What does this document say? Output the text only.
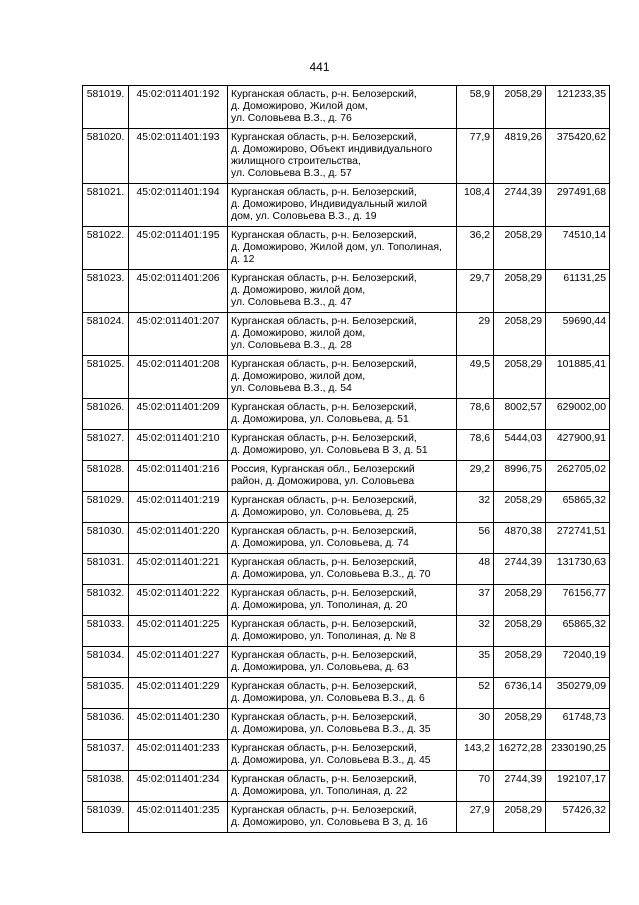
441
581019.	45:02:011401:192	Курганская область, р-н. Белозерский,
д. Доможирово, Жилой дом,
ул. Соловьева В.З., д. 76	58,9	2058,29	121233,35
581020.	45:02:011401:193	Курганская область, р-н. Белозерский,
д. Доможирово, Объект индивидуального
жилищного строительства,
ул. Соловьева В.З., д. 57	77,9	4819,26	375420,62
581021.	45:02:011401:194	Курганская область, р-н. Белозерский,
д. Доможирово, Индивидуальный жилой
дом, ул. Соловьева В.З., д. 19	108,4	2744,39	297491,68
581022.	45:02:011401:195	Курганская область, р-н. Белозерский,
д. Доможирово, Жилой дом, ул. Тополиная,
д. 12	36,2	2058,29	74510,14
581023.	45:02:011401:206	Курганская область, р-н. Белозерский,
д. Доможирово, жилой дом,
ул. Соловьева В.З., д. 47	29,7	2058,29	61131,25
581024.	45:02:011401:207	Курганская область, р-н. Белозерский,
д. Доможирово, жилой дом,
ул. Соловьева В.З., д. 28	29	2058,29	59690,44
581025.	45:02:011401:208	Курганская область, р-н. Белозерский,
д. Доможирово, жилой дом,
ул. Соловьева В.З., д. 54	49,5	2058,29	101885,41
581026.	45:02:011401:209	Курганская область, р-н. Белозерский,
д. Доможирова, ул. Соловьева, д. 51	78,6	8002,57	629002,00
581027.	45:02:011401:210	Курганская область, р-н. Белозерский,
д. Доможирово, ул. Соловьева В З, д. 51	78,6	5444,03	427900,91
581028.	45:02:011401:216	Россия, Курганская обл., Белозерский
район, д. Доможирова, ул. Соловьева	29,2	8996,75	262705,02
581029.	45:02:011401:219	Курганская область, р-н. Белозерский,
д. Доможирово, ул. Соловьева, д. 25	32	2058,29	65865,32
581030.	45:02:011401:220	Курганская область, р-н. Белозерский,
д. Доможирова, ул. Соловьева, д. 74	56	4870,38	272741,51
581031.	45:02:011401:221	Курганская область, р-н. Белозерский,
д. Доможирова, ул. Соловьева В.З., д. 70	48	2744,39	131730,63
581032.	45:02:011401:222	Курганская область, р-н. Белозерский,
д. Доможирова, ул. Тополиная, д. 20	37	2058,29	76156,77
581033.	45:02:011401:225	Курганская область, р-н. Белозерский,
д. Доможирово, ул. Тополиная, д. № 8	32	2058,29	65865,32
581034.	45:02:011401:227	Курганская область, р-н. Белозерский,
д. Доможирова, ул. Соловьева, д. 63	35	2058,29	72040,19
581035.	45:02:011401:229	Курганская область, р-н. Белозерский,
д. Доможирова, ул. Соловьева В.З., д. 6	52	6736,14	350279,09
581036.	45:02:011401:230	Курганская область, р-н. Белозерский,
д. Доможирова, ул. Соловьева В.З., д. 35	30	2058,29	61748,73
581037.	45:02:011401:233	Курганская область, р-н. Белозерский,
д. Доможирова, ул. Соловьева В.З., д. 45	143,2	16272,28	2330190,25
581038.	45:02:011401:234	Курганская область, р-н. Белозерский,
д. Доможирова, ул. Тополиная, д. 22	70	2744,39	192107,17
581039.	45:02:011401:235	Курганская область, р-н. Белозерский,
д. Доможирово, ул. Соловьева В З, д. 16	27,9	2058,29	57426,32
